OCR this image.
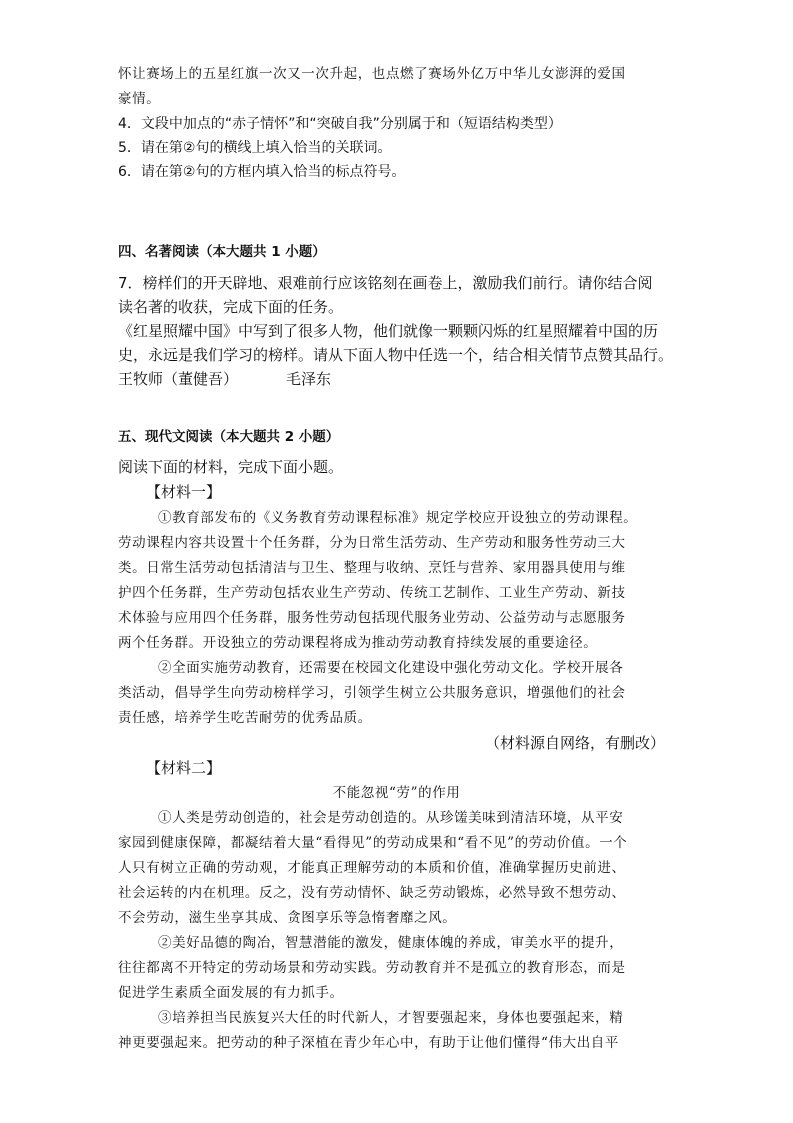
怀让赛场上的五星红旗一次又一次升起，也点燃了赛场外亿万中华儿女澎湃的爱国
豪情。
4．文段中加点的“赤子情怀”和“突破自我”分别属于和（短语结构类型）
5．请在第②句的横线上填入恰当的关联词。
6．请在第②句的方框内填入恰当的标点符号。
四、名著阅读（本大题共 1 小题）
7．榜样们的开天辟地、艰难前行应该铭刻在画卷上，激励我们前行。请你结合阅
读名著的收获，完成下面的任务。
《红星照耀中国》中写到了很多人物，他们就像一颗颗闪烁的红星照耀着中国的历
史，永远是我们学习的榜样。请从下面人物中任选一个，结合相关情节点赞其品行。
王牧师（董健吾）	毛泽东
五、现代文阅读（本大题共 2 小题）
阅读下面的材料，完成下面小题。
【材料一】
①教育部发布的《义务教育劳动课程标准》规定学校应开设独立的劳动课程。
劳动课程内容共设置十个任务群，分为日常生活劳动、生产劳动和服务性劳动三大
类。日常生活劳动包括清洁与卫生、整理与收纳、烹饪与营养、家用器具使用与维
护四个任务群，生产劳动包括农业生产劳动、传统工艺制作、工业生产劳动、新技
术体验与应用四个任务群，服务性劳动包括现代服务业劳动、公益劳动与志愿服务
两个任务群。开设独立的劳动课程将成为推动劳动教育持续发展的重要途径。
②全面实施劳动教育，还需要在校园文化建设中强化劳动文化。学校开展各
类活动，倡导学生向劳动榜样学习，引领学生树立公共服务意识，增强他们的社会
责任感，培养学生吃苦耐劳的优秀品质。
（材料源自网络，有删改）
【材料二】
不能忽视“劳”的作用
①人类是劳动创造的，社会是劳动创造的。从珍馐美味到清洁环境，从平安
家园到健康保障，都凝结着大量“看得见”的劳动成果和“看不见”的劳动价值。一个
人只有树立正确的劳动观，才能真正理解劳动的本质和价值，准确掌握历史前进、
社会运转的内在机理。反之，没有劳动情怀、缺乏劳动锻炼，必然导致不想劳动、
不会劳动，滋生坐享其成、贪图享乐等急惰奢靡之风。
②美好品德的陶冶，智慧潜能的激发，健康体魄的养成，审美水平的提升，
往往都离不开特定的劳动场景和劳动实践。劳动教育并不是孤立的教育形态，而是
促进学生素质全面发展的有力抓手。
③培养担当民族复兴大任的时代新人，才智要强起来，身体也要强起来，精
神更要强起来。把劳动的种子深植在青少年心中，有助于让他们懂得“伟大出自平
